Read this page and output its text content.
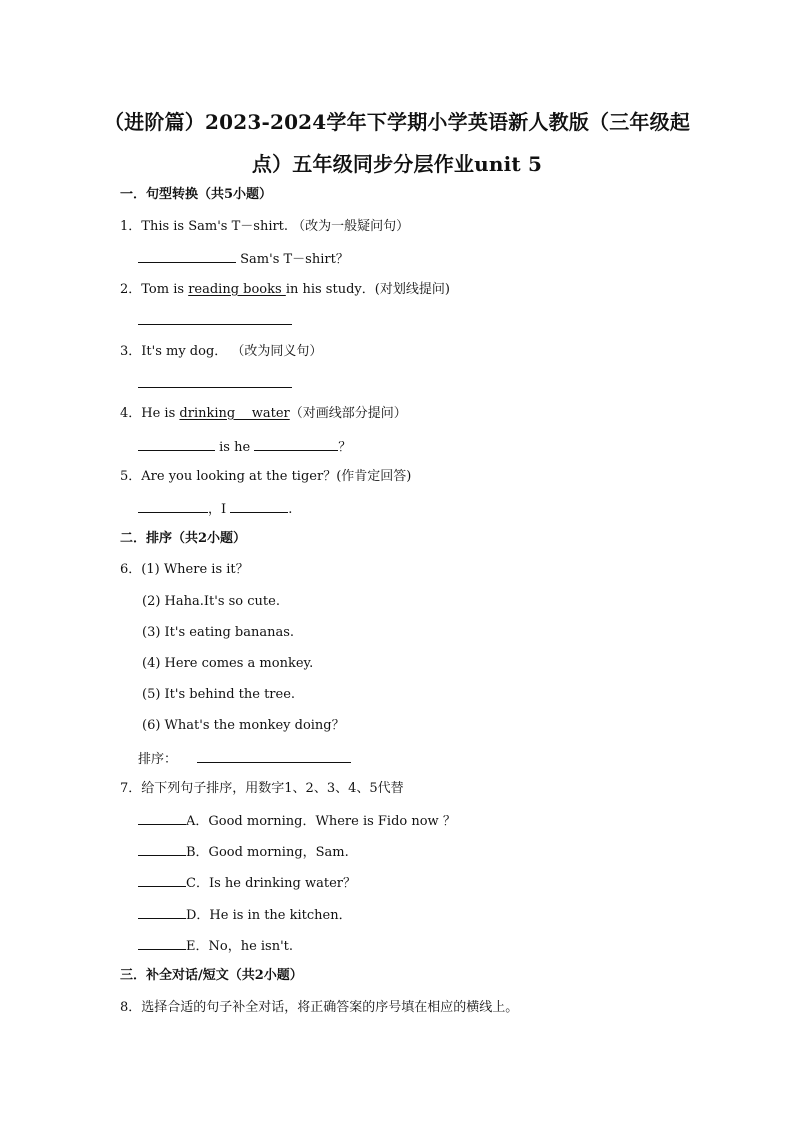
（进阶篇）2023-2024学年下学期小学英语新人教版（三年级起
点）五年级同步分层作业unit 5
一．句型转换（共5小题）
1．This is Sam's T－shirt. （改为一般疑问句）
Sam's T－shirt？
2．Tom is reading books in his study．(对划线提问)
3．It's my dog． （改为同义句）
4．He is drinking    water（对画线部分提问）
is he	？
5．Are you looking at the tiger？(作肯定回答)
，I	.
二．排序（共2小题）
6．(1) Where is it？
(2) Haha.It's so cute.
(3) It's eating bananas.
(4) Here comes a monkey.
(5) It's behind the tree.
(6) What's the monkey doing？
排序：
7．给下列句子排序，用数字1、2、3、4、5代替
A．Good morning．Where is Fido now ？
B．Good morning，Sam.
C．Is he drinking water？
D．He is in the kitchen．
E．No，he isn't.
三．补全对话/短文（共2小题）
8．选择合适的句子补全对话，将正确答案的序号填在相应的横线上。
